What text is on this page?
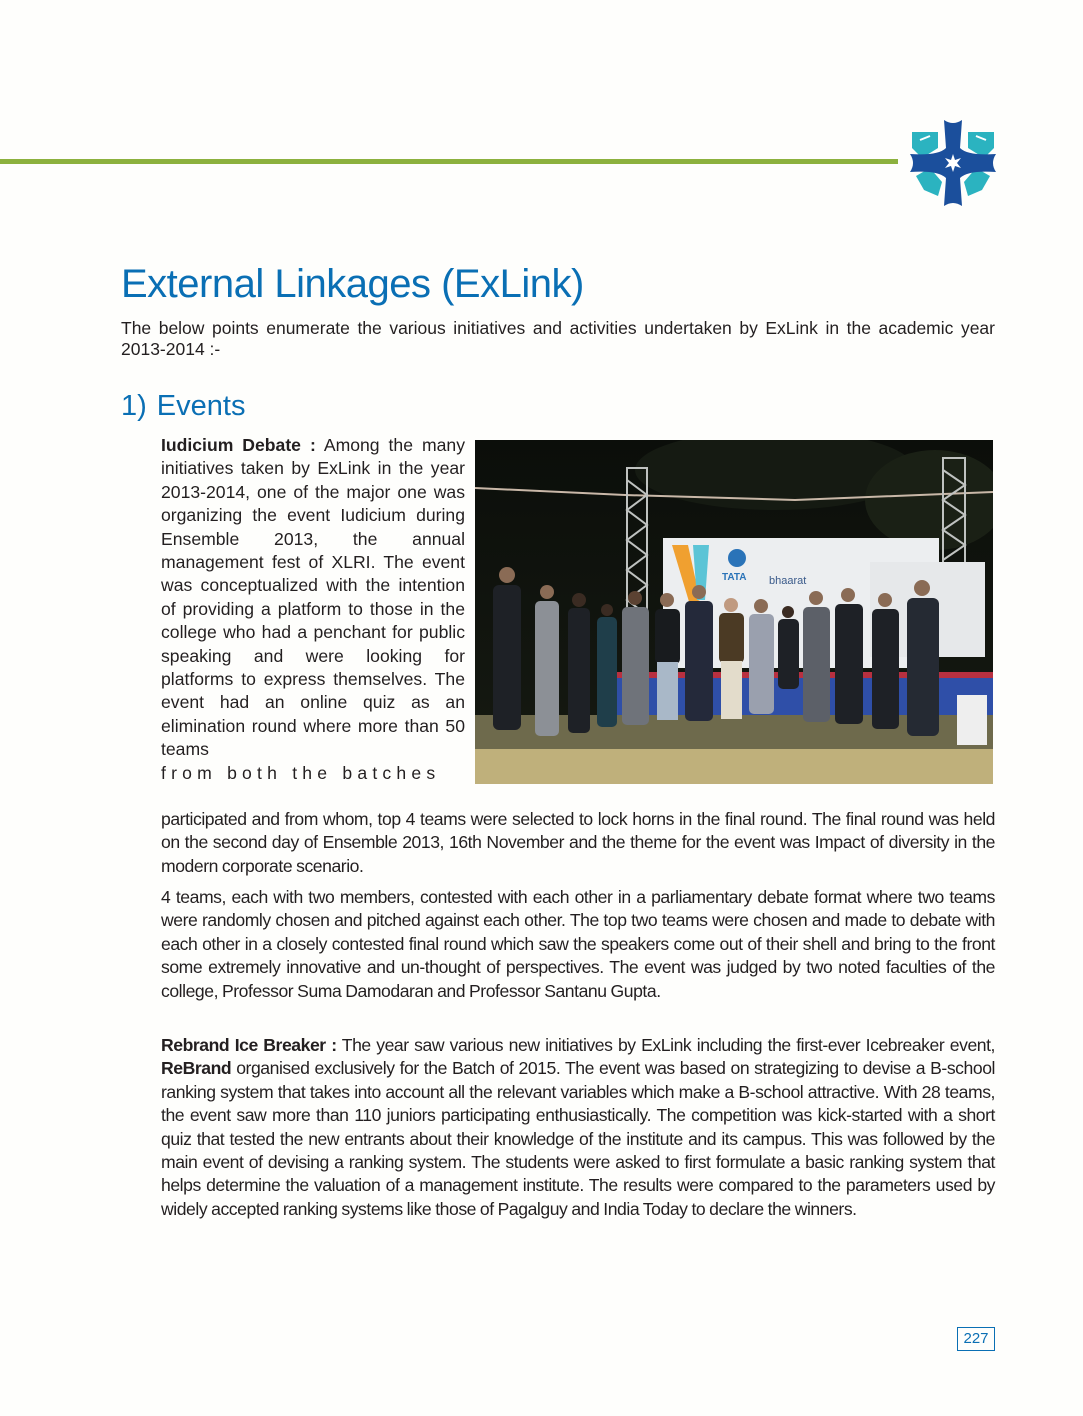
External Linkages (ExLink)
The below points enumerate the various initiatives and activities undertaken by ExLink in the academic year 2013-2014 :-
1) Events
TATA bhaarat
Iudicium Debate : Among the many initiatives taken by ExLink in the year 2013-2014, one of the major one was organizing the event Iudicium during Ensemble 2013, the annual management fest of XLRI. The event was conceptualized with the intention of providing a platform to those in the college who had a penchant for public speaking and were looking for platforms to express themselves. The event had an online quiz as an elimination round where more than 50 teams
from both the batches
participated and from whom, top 4 teams were selected to lock horns in the final round. The final round was held on the second day of Ensemble 2013, 16th November and the theme for the event was Impact of diversity in the modern corporate scenario.
4 teams, each with two members, contested with each other in a parliamentary debate format where two teams were randomly chosen and pitched against each other. The top two teams were chosen and made to debate with each other in a closely contested final round which saw the speakers come out of their shell and bring to the front some extremely innovative and un-thought of perspectives. The event was judged by two noted faculties of the college, Professor Suma Damodaran and Professor Santanu Gupta.
Rebrand Ice Breaker : The year saw various new initiatives by ExLink including the first-ever Icebreaker event, ReBrand organised exclusively for the Batch of 2015. The event was based on strategizing to devise a B-school ranking system that takes into account all the relevant variables which make a B-school attractive. With 28 teams, the event saw more than 110 juniors participating enthusiastically. The competition was kick-started with a short quiz that tested the new entrants about their knowledge of the institute and its campus. This was followed by the main event of devising a ranking system. The students were asked to first formulate a basic ranking system that helps determine the valuation of a management institute. The results were compared to the parameters used by widely accepted ranking systems like those of Pagalguy and India Today to declare the winners.
227
